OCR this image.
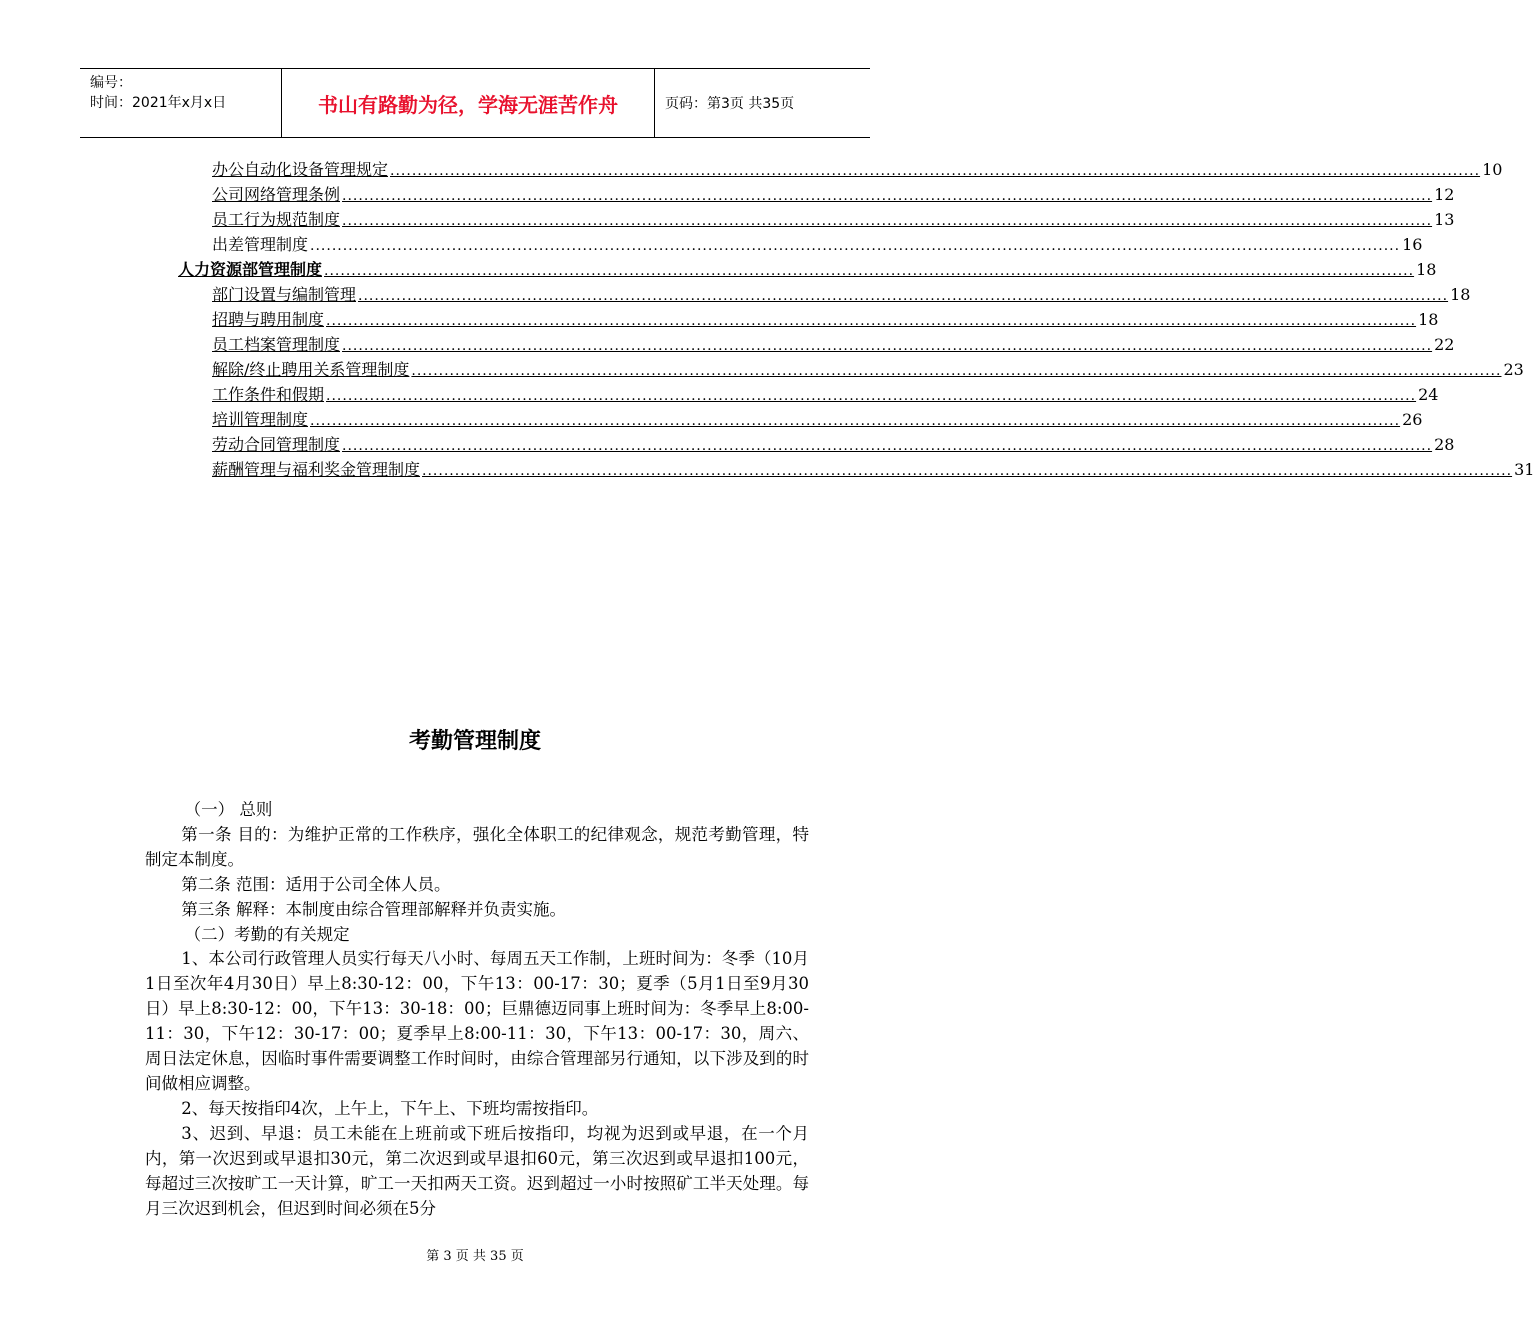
编号：
时间：2021年x月x日	书山有路勤为径，学海无涯苦作舟	页码：第3页 共35页
办公自动化设备管理规定 ........................................................................................................................................................................................................ 10
公司网络管理条例 ........................................................................................................................................................................................................ 12
员工行为规范制度 ........................................................................................................................................................................................................ 13
出差管理制度 ........................................................................................................................................................................................................ 16
人力资源部管理制度 ........................................................................................................................................................................................................ 18
部门设置与编制管理 ........................................................................................................................................................................................................ 18
招聘与聘用制度 ........................................................................................................................................................................................................ 18
员工档案管理制度 ........................................................................................................................................................................................................ 22
解除/终止聘用关系管理制度 ........................................................................................................................................................................................................ 23
工作条件和假期 ........................................................................................................................................................................................................ 24
培训管理制度 ........................................................................................................................................................................................................ 26
劳动合同管理制度 ........................................................................................................................................................................................................ 28
薪酬管理与福利奖金管理制度 ........................................................................................................................................................................................................ 31
考勤管理制度

（一） 总则

第一条 目的：为维护正常的工作秩序，强化全体职工的纪律观念，规范考勤管理，特制定本制度。

第二条 范围：适用于公司全体人员。

第三条 解释：本制度由综合管理部解释并负责实施。

（二）考勤的有关规定

1、本公司行政管理人员实行每天八小时、每周五天工作制，上班时间为：冬季（10月1日至次年4月30日）早上8:30-12：00，下午13：00-17：30；夏季（5月1日至9月30日）早上8:30-12：00，下午13：30-18：00；巨鼎德迈同事上班时间为：冬季早上8:00-11：30，下午12：30-17：00；夏季早上8:00-11：30，下午13：00-17：30，周六、周日法定休息，因临时事件需要调整工作时间时，由综合管理部另行通知，以下涉及到的时间做相应调整。

2、每天按指印4次，上午上，下午上、下班均需按指印。

3、迟到、早退：员工未能在上班前或下班后按指印，均视为迟到或早退，在一个月内，第一次迟到或早退扣30元，第二次迟到或早退扣60元，第三次迟到或早退扣100元，每超过三次按旷工一天计算，旷工一天扣两天工资。迟到超过一小时按照矿工半天处理。每月三次迟到机会，但迟到时间必须在5分

第 3 页 共 35 页
